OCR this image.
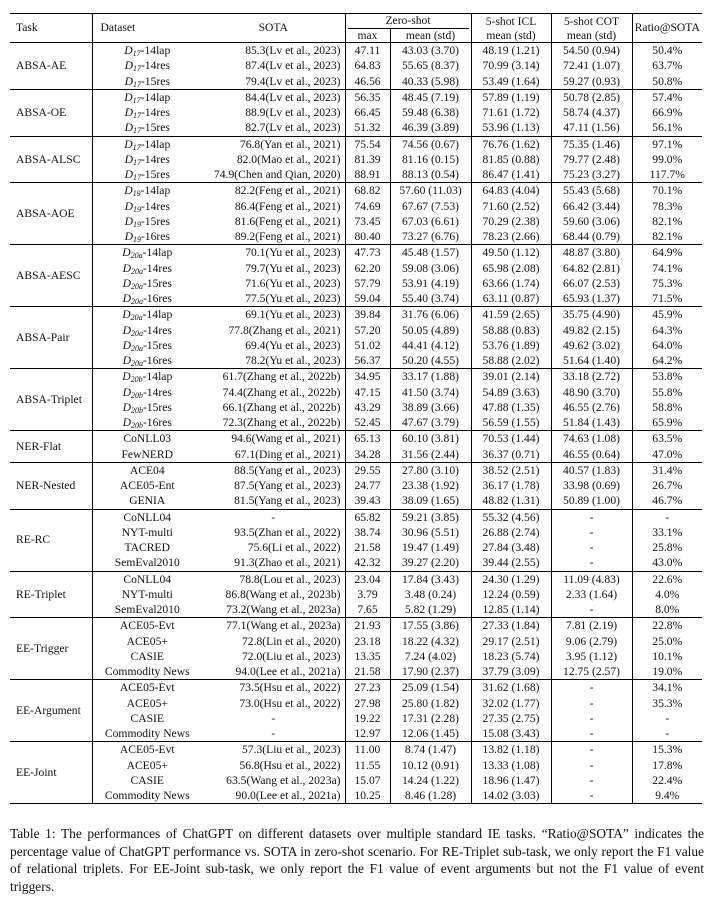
Task	Dataset	SOTA	Zero-shot		5-shot ICL	5-shot COT	Ratio@SOTA
			max	mean (std)	mean (std)	mean (std)	
ABSA-AE	$D_{17}-14lap$	85.3(Lv et al., 2023)	47.11	43.03 (3.70)	48.19 (1.21)	54.50 (0.94)	50.4%
	$D_{17}-14res$	87.4(Lv et al., 2023)	64.83	55.65 (8.37)	70.99 (3.14)	72.41 (1.07)	63.7%
	$D_{17}-15res$	79.4(Lv et al., 2023)	46.56	40.33 (5.98)	53.49 (1.64)	59.27 (0.93)	50.8%
ABSA-OE	$D_{17}-14lap$	84.4(Lv et al., 2023)	56.35	48.45 (7.19)	57.89 (1.19)	50.78 (2.85)	57.4%
	$D_{17}-14res$	88.9(Lv et al., 2023)	66.45	59.48 (6.38)	71.61 (1.72)	58.74 (4.37)	66.9%
	$D_{17}-15res$	82.7(Lv et al., 2023)	51.32	46.39 (3.89)	53.96 (1.13)	47.11 (1.56)	56.1%
ABSA-ALSC	$D_{17}-14lap$	76.8(Yan et al., 2021)	75.54	74.56 (0.67)	76.76 (1.62)	75.35 (1.46)	97.1%
	$D_{17}-14res$	82.0(Mao et al., 2021)	81.39	81.16 (0.15)	81.85 (0.88)	79.77 (2.48)	99.0%
	$D_{17}-15res$	74.9(Chen and Qian, 2020)	88.91	88.13 (0.54)	86.47 (1.41)	75.23 (3.27)	117.7%
ABSA-AOE	$D_{19}-14lap$	82.2(Feng et al., 2021)	68.82	57.60 (11.03)	64.83 (4.04)	55.43 (5.68)	70.1%
	$D_{19}-14res$	86.4(Feng et al., 2021)	74.69	67.67 (7.53)	71.60 (2.52)	66.42 (3.44)	78.3%
	$D_{19}-15res$	81.6(Feng et al., 2021)	73.45	67.03 (6.61)	70.29 (2.38)	59.60 (3.06)	82.1%
	$D_{19}-16res$	89.2(Feng et al., 2021)	80.40	73.27 (6.76)	78.23 (2.66)	68.44 (0.79)	82.1%
ABSA-AESC	$D_{20a}-14lap$	70.1(Yu et al., 2023)	47.73	45.48 (1.57)	49.50 (1.12)	48.87 (3.80)	64.9%
	$D_{20a}-14res$	79.7(Yu et al., 2023)	62.20	59.08 (3.06)	65.98 (2.08)	64.82 (2.81)	74.1%
	$D_{20a}-15res$	71.6(Yu et al., 2023)	57.79	53.91 (4.19)	63.66 (1.74)	66.07 (2.53)	75.3%
	$D_{20a}-16res$	77.5(Yu et al., 2023)	59.04	55.40 (3.74)	63.11 (0.87)	65.93 (1.37)	71.5%
ABSA-Pair	$D_{20a}-14lap$	69.1(Yu et al., 2023)	39.84	31.76 (6.06)	41.59 (2.65)	35.75 (4.90)	45.9%
	$D_{20a}-14res$	77.8(Zhang et al., 2021)	57.20	50.05 (4.89)	58.88 (0.83)	49.82 (2.15)	64.3%
	$D_{20a}-15res$	69.4(Yu et al., 2023)	51.02	44.41 (4.12)	53.76 (1.89)	49.62 (3.02)	64.0%
	$D_{20a}-16res$	78.2(Yu et al., 2023)	56.37	50.20 (4.55)	58.88 (2.02)	51.64 (1.40)	64.2%
ABSA-Triplet	$D_{20b}-14lap$	61.7(Zhang et al., 2022b)	34.95	33.17 (1.88)	39.01 (2.14)	33.18 (2.72)	53.8%
	$D_{20b}-14res$	74.4(Zhang et al., 2022b)	47.15	41.50 (3.74)	54.89 (3.63)	48.90 (3.70)	55.8%
	$D_{20b}-15res$	66.1(Zhang et al., 2022b)	43.29	38.89 (3.66)	47.88 (1.35)	46.55 (2.76)	58.8%
	$D_{20b}-16res$	72.3(Zhang et al., 2022b)	52.45	47.67 (3.79)	56.59 (1.55)	51.84 (1.43)	65.9%
NER-Flat	CoNLL03	94.6(Wang et al., 2021)	65.13	60.10 (3.81)	70.53 (1.44)	74.63 (1.08)	63.5%
	FewNERD	67.1(Ding et al., 2021)	34.28	31.56 (2.44)	36.37 (0.71)	46.55 (0.64)	47.0%
NER-Nested	ACE04	88.5(Yang et al., 2023)	29.55	27.80 (3.10)	38.52 (2.51)	40.57 (1.83)	31.4%
	ACE05-Ent	87.5(Yang et al., 2023)	24.77	23.38 (1.92)	36.17 (1.78)	33.98 (0.69)	26.7%
	GENIA	81.5(Yang et al., 2023)	39.43	38.09 (1.65)	48.82 (1.31)	50.89 (1.00)	46.7%
RE-RC	CoNLL04	-	65.82	59.21 (3.85)	55.32 (4.56)	-	-
	NYT-multi	93.5(Zhan et al., 2022)	38.74	30.96 (5.51)	26.88 (2.74)	-	33.1%
	TACRED	75.6(Li et al., 2022)	21.58	19.47 (1.49)	27.84 (3.48)	-	25.8%
	SemEval2010	91.3(Zhao et al., 2021)	42.32	39.27 (2.20)	39.44 (2.55)	-	43.0%
RE-Triplet	CoNLL04	78.8(Lou et al., 2023)	23.04	17.84 (3.43)	24.30 (1.29)	11.09 (4.83)	22.6%
	NYT-multi	86.8(Wang et al., 2023b)	3.79	3.48 (0.24)	12.24 (0.59)	2.33 (1.64)	4.0%
	SemEval2010	73.2(Wang et al., 2023a)	7.65	5.82 (1.29)	12.85 (1.14)	-	8.0%
EE-Trigger	ACE05-Evt	77.1(Wang et al., 2023a)	21.93	17.55 (3.86)	27.33 (1.84)	7.81 (2.19)	22.8%
	ACE05+	72.8(Lin et al., 2020)	23.18	18.22 (4.32)	29.17 (2.51)	9.06 (2.79)	25.0%
	CASIE	72.0(Liu et al., 2023)	13.35	7.24 (4.02)	18.23 (5.74)	3.95 (1.12)	10.1%
	Commodity News	94.0(Lee et al., 2021a)	21.58	17.90 (2.37)	37.79 (3.09)	12.75 (2.57)	19.0%
EE-Argument	ACE05-Evt	73.5(Hsu et al., 2022)	27.23	25.09 (1.54)	31.62 (1.68)	-	34.1%
	ACE05+	73.0(Hsu et al., 2022)	27.98	25.80 (1.82)	32.02 (1.77)	-	35.3%
	CASIE	-	19.22	17.31 (2.28)	27.35 (2.75)	-	-
	Commodity News	-	12.97	12.06 (1.45)	15.08 (3.43)	-	-
EE-Joint	ACE05-Evt	57.3(Liu et al., 2023)	11.00	8.74 (1.47)	13.82 (1.18)	-	15.3%
	ACE05+	56.8(Hsu et al., 2022)	11.55	10.12 (0.91)	13.33 (1.08)	-	17.8%
	CASIE	63.5(Wang et al., 2023a)	15.07	14.24 (1.22)	18.96 (1.47)	-	22.4%
	Commodity News	90.0(Lee et al., 2021a)	10.25	8.46 (1.28)	14.02 (3.03)	-	9.4%
Table 1: The performances of ChatGPT on different datasets over multiple standard IE tasks. “Ratio@SOTA” indicates the percentage value of ChatGPT performance vs. SOTA in zero-shot scenario. For RE-Triplet sub-task, we only report the F1 value of relational triplets. For EE-Joint sub-task, we only report the F1 value of event arguments but not the F1 value of event triggers.
